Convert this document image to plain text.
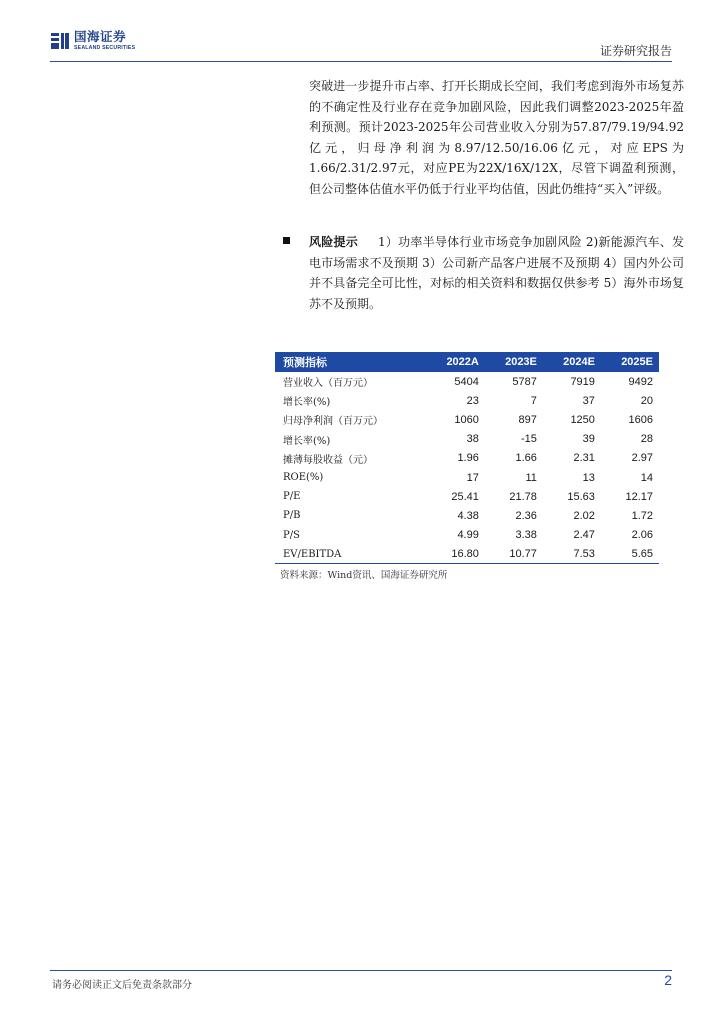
国海证券
SEALAND SECURITIES	证券研究报告
突破进一步提升市占率、打开长期成长空间，我们考虑到海外市场复苏的不确定性及行业存在竞争加剧风险，因此我们调整2023-2025年盈利预测。预计2023-2025年公司营业收入分别为57.87/79.19/94.92亿元，归母净利润为8.97/12.50/16.06亿元，对应EPS为1.66/2.31/2.97元，对应PE为22X/16X/12X，尽管下调盈利预测，但公司整体估值水平仍低于行业平均估值，因此仍维持“买入”评级。
风险提示 1）功率半导体行业市场竞争加剧风险 2)新能源汽车、发电市场需求不及预期 3）公司新产品客户进展不及预期 4）国内外公司并不具备完全可比性，对标的相关资料和数据仅供参考 5）海外市场复苏不及预期。
预测指标	2022A	2023E	2024E	2025E
营业收入（百万元）	5404	5787	7919	9492
增长率(%)	23	7	37	20
归母净利润（百万元）	1060	897	1250	1606
增长率(%)	38	-15	39	28
摊薄每股收益（元）	1.96	1.66	2.31	2.97
ROE(%)	17	11	13	14
P/E	25.41	21.78	15.63	12.17
P/B	4.38	2.36	2.02	1.72
P/S	4.99	3.38	2.47	2.06
EV/EBITDA	16.80	10.77	7.53	5.65
资料来源：Wind资讯、国海证券研究所
请务必阅读正文后免责条款部分	2
